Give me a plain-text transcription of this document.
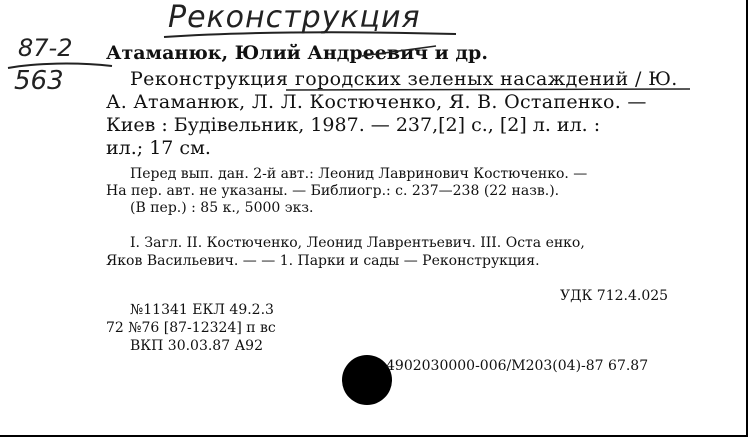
Реконструкция
87-2
563
Атаманюк, Юлий Андреевич и др.
Реконструкция городских зеленых насаждений / Ю.
А. Атаманюк, Л. Л. Костюченко, Я. В. Остапенко. —
Киев : Будівельник, 1987. — 237,[2] с., [2] л. ил. :
ил.; 17 см.
Перед вып. дан. 2-й авт.: Леонид Лавринович Костюченко. —
На пер. авт. не указаны. — Библиогр.: с. 237—238 (22 назв.).
(В пер.) : 85 к., 5000 экз.
I. Загл. II. Костюченко, Леонид Лаврентьевич. III. Оста енко,
Яков Васильевич. — — 1. Парки и сады — Реконструкция.
УДК 712.4.025
№11341 ЕКЛ 49.2.3
72 №76 [87-12324] п вс
ВКП 30.03.87 А92
4902030000-006/М203(04)-87 67.87
